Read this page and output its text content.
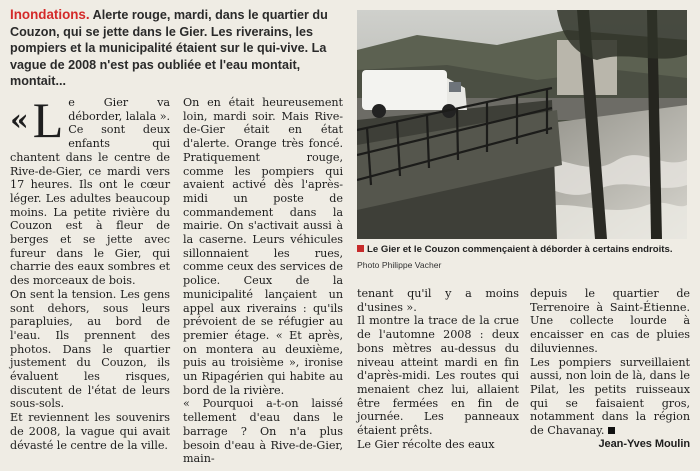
Inondations. Alerte rouge, mardi, dans le quartier du Couzon, qui se jette dans le Gier. Les riverains, les pompiers et la municipalité étaient sur le qui-vive. La vague de 2008 n'est pas oubliée et l'eau montait, montait...
Le Gier et le Couzon commençaient à déborder à certains endroits.
Photo Philippe Vacher
« L e Gier va déborder, lalala ». Ce sont deux enfants qui chantent dans le centre de Rive-de-Gier, ce mardi vers 17 heures. Ils ont le cœur léger. Les adultes beaucoup moins. La petite rivière du Couzon est à fleur de berges et se jette avec fureur dans le Gier, qui charrie des eaux sombres et des morceaux de bois.

On sent la tension. Les gens sont dehors, sous leurs parapluies, au bord de l'eau. Ils prennent des photos. Dans le quartier justement du Couzon, ils évaluent les risques, discutent de l'état de leurs sous-sols.

Et reviennent les souvenirs de 2008, la vague qui avait dévasté le centre de la ville.

On en était heureusement loin, mardi soir. Mais Rive-de-Gier était en état d'alerte. Orange très foncé. Pratiquement rouge, comme les pompiers qui avaient activé dès l'après-midi un poste de commandement dans la mairie. On s'activait aussi à la caserne. Leurs véhicules sillonnaient les rues, comme ceux des services de police. Ceux de la municipalité lançaient un appel aux riverains : qu'ils prévoient de se réfugier au premier étage. « Et après, on montera au deuxième, puis au troisième », ironise un Ripagérien qui habite au bord de la rivière.

« Pourquoi a-t-on laissé tellement d'eau dans le barrage ? On n'a plus besoin d'eau à Rive-de-Gier, main-

tenant qu'il y a moins d'usines ».

Il montre la trace de la crue de l'automne 2008 : deux bons mètres au-dessus du niveau atteint mardi en fin d'après-midi. Les routes qui menaient chez lui, allaient être fermées en fin de journée. Les panneaux étaient prêts.

Le Gier récolte des eaux

depuis le quartier de Terrenoire à Saint-Étienne. Une collecte lourde à encaisser en cas de pluies diluviennes.

Les pompiers surveillaient aussi, non loin de là, dans le Pilat, les petits ruisseaux qui se faisaient gros, notamment dans la région de Chavanay.

Jean-Yves Moulin
